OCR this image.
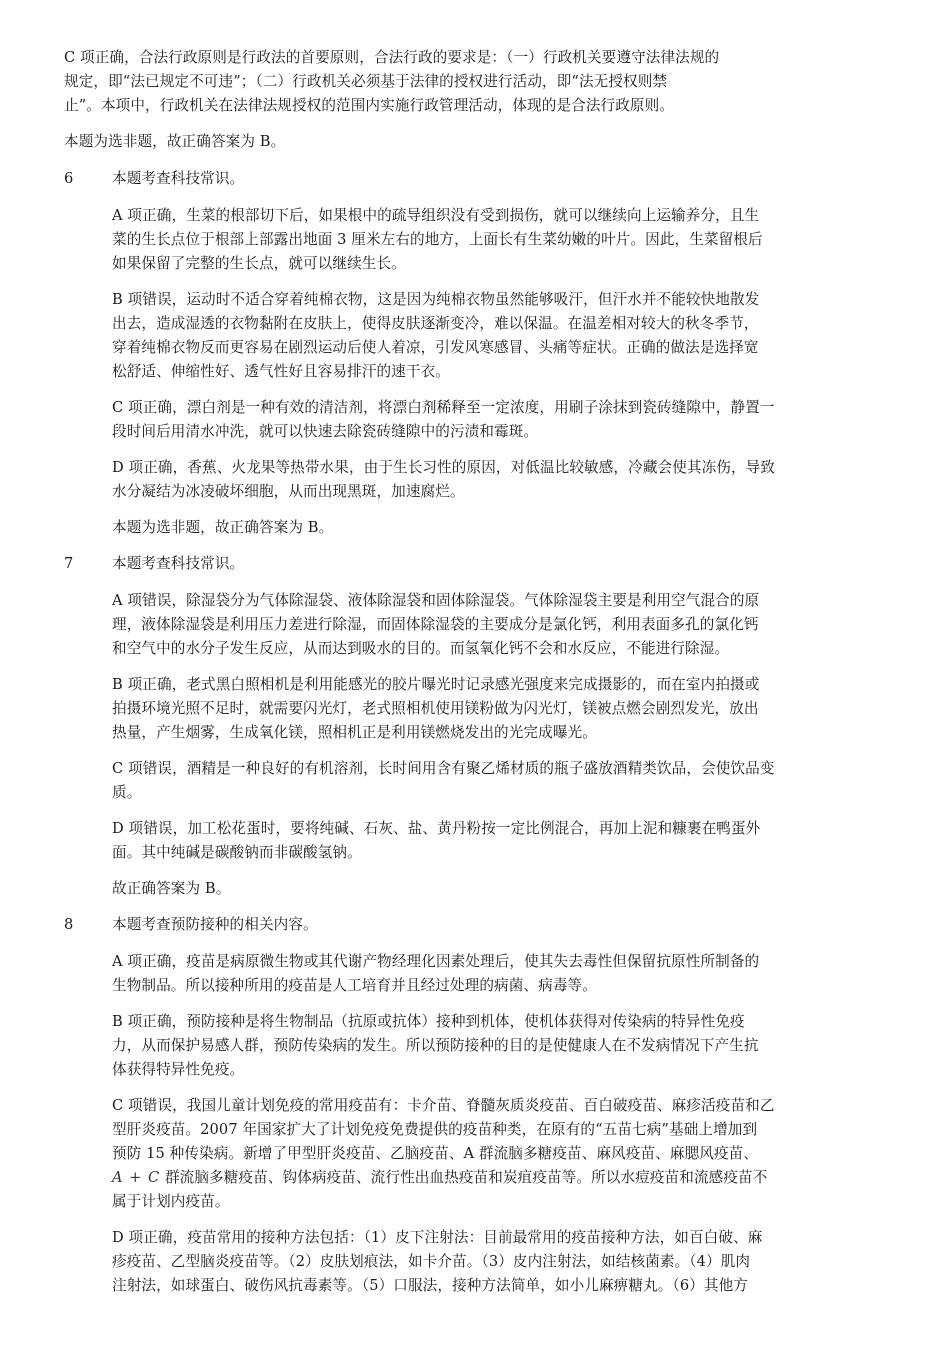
C 项正确，合法行政原则是行政法的首要原则，合法行政的要求是：（一）行政机关要遵守法律法规的
规定，即“法已规定不可违”；（二）行政机关必须基于法律的授权进行活动，即“法无授权则禁
止”。本项中，行政机关在法律法规授权的范围内实施行政管理活动，体现的是合法行政原则。
本题为选非题，故正确答案为 B。
6	本题考查科技常识。
A 项正确，生菜的根部切下后，如果根中的疏导组织没有受到损伤，就可以继续向上运输养分，且生
菜的生长点位于根部上部露出地面 3 厘米左右的地方，上面长有生菜幼嫩的叶片。因此，生菜留根后
如果保留了完整的生长点，就可以继续生长。
B 项错误，运动时不适合穿着纯棉衣物，这是因为纯棉衣物虽然能够吸汗，但汗水并不能较快地散发
出去，造成湿透的衣物黏附在皮肤上，使得皮肤逐渐变冷，难以保温。在温差相对较大的秋冬季节，
穿着纯棉衣物反而更容易在剧烈运动后使人着凉，引发风寒感冒、头痛等症状。正确的做法是选择宽
松舒适、伸缩性好、透气性好且容易排汗的速干衣。
C 项正确，漂白剂是一种有效的清洁剂，将漂白剂稀释至一定浓度，用刷子涂抹到瓷砖缝隙中，静置一
段时间后用清水冲洗，就可以快速去除瓷砖缝隙中的污渍和霉斑。
D 项正确，香蕉、火龙果等热带水果，由于生长习性的原因，对低温比较敏感，冷藏会使其冻伤，导致
水分凝结为冰凌破坏细胞，从而出现黑斑，加速腐烂。
本题为选非题，故正确答案为 B。
7	本题考查科技常识。
A 项错误，除湿袋分为气体除湿袋、液体除湿袋和固体除湿袋。气体除湿袋主要是利用空气混合的原
理，液体除湿袋是利用压力差进行除湿，而固体除湿袋的主要成分是氯化钙，利用表面多孔的氯化钙
和空气中的水分子发生反应，从而达到吸水的目的。而氢氧化钙不会和水反应，不能进行除湿。
B 项正确，老式黑白照相机是利用能感光的胶片曝光时记录感光强度来完成摄影的，而在室内拍摄或
拍摄环境光照不足时，就需要闪光灯，老式照相机使用镁粉做为闪光灯，镁被点燃会剧烈发光，放出
热量，产生烟雾，生成氧化镁，照相机正是利用镁燃烧发出的光完成曝光。
C 项错误，酒精是一种良好的有机溶剂，长时间用含有聚乙烯材质的瓶子盛放酒精类饮品，会使饮品变
质。
D 项错误，加工松花蛋时，要将纯碱、石灰、盐、黄丹粉按一定比例混合，再加上泥和糠裹在鸭蛋外
面。其中纯碱是碳酸钠而非碳酸氢钠。
故正确答案为 B。
8	本题考查预防接种的相关内容。
A 项正确，疫苗是病原微生物或其代谢产物经理化因素处理后，使其失去毒性但保留抗原性所制备的
生物制品。所以接种所用的疫苗是人工培育并且经过处理的病菌、病毒等。
B 项正确，预防接种是将生物制品（抗原或抗体）接种到机体，使机体获得对传染病的特异性免疫
力，从而保护易感人群，预防传染病的发生。所以预防接种的目的是使健康人在不发病情况下产生抗
体获得特异性免疫。
C 项错误，我国儿童计划免疫的常用疫苗有：卡介苗、脊髓灰质炎疫苗、百白破疫苗、麻疹活疫苗和乙
型肝炎疫苗。2007 年国家扩大了计划免疫免费提供的疫苗种类，在原有的“五苗七病”基础上增加到
预防 15 种传染病。新增了甲型肝炎疫苗、乙脑疫苗、A 群流脑多糖疫苗、麻风疫苗、麻腮风疫苗、
A + C 群流脑多糖疫苗、钩体病疫苗、流行性出血热疫苗和炭疽疫苗等。所以水痘疫苗和流感疫苗不
属于计划内疫苗。
D 项正确，疫苗常用的接种方法包括：（1）皮下注射法：目前最常用的疫苗接种方法，如百白破、麻
疹疫苗、乙型脑炎疫苗等。（2）皮肤划痕法，如卡介苗。（3）皮内注射法，如结核菌素。（4）肌肉
注射法，如球蛋白、破伤风抗毒素等。（5）口服法，接种方法简单，如小儿麻痹糖丸。（6）其他方
